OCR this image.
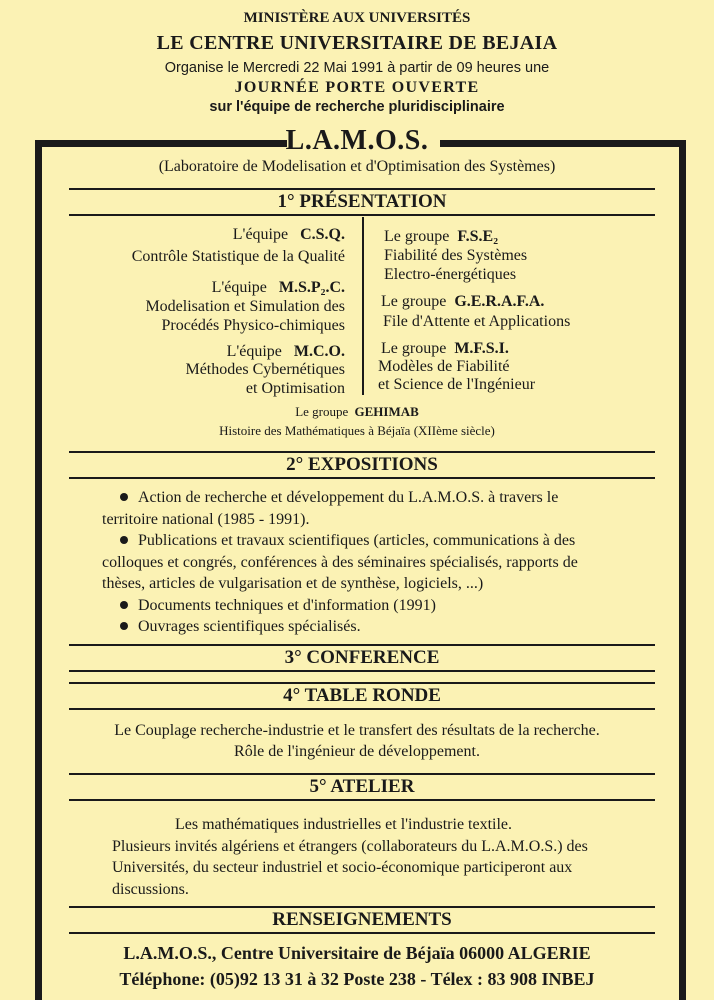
MINISTÈRE AUX UNIVERSITÉS
LE CENTRE UNIVERSITAIRE DE BEJAIA
Organise le Mercredi 22 Mai 1991 à partir de 09 heures une
JOURNÉE PORTE OUVERTE
sur l'équipe de recherche pluridisciplinaire
L.A.M.O.S.
(Laboratoire de Modelisation et d'Optimisation des Systèmes)
1° PRÉSENTATION
L'équipe C.S.Q.
Contrôle Statistique de la Qualité
L'équipe M.S.P₂.C.
Modelisation et Simulation des
Procédés Physico-chimiques
L'équipe M.C.O.
Méthodes Cybernétiques
et Optimisation
Le groupe F.S.E₂
Fiabilité des Systèmes
Electro-énergétiques
Le groupe G.E.R.A.F.A.
File d'Attente et Applications
Le groupe M.F.S.I.
Modèles de Fiabilité
et Science de l'Ingénieur
Le groupe GEHIMAB
Histoire des Mathématiques à Béjaïa (XIIème siècle)
2° EXPOSITIONS
Action de recherche et développement du L.A.M.O.S. à travers le
territoire national (1985 - 1991).
Publications et travaux scientifiques (articles, communications à des
colloques et congrés, conférences à des séminaires spécialisés, rapports de
thèses, articles de vulgarisation et de synthèse, logiciels, ...)
Documents techniques et d'information (1991)
Ouvrages scientifiques spécialisés.
3° CONFERENCE
4° TABLE RONDE
Le Couplage recherche-industrie et le transfert des résultats de la recherche.
Rôle de l'ingénieur de développement.
5° ATELIER
Les mathématiques industrielles et l'industrie textile.
Plusieurs invités algériens et étrangers (collaborateurs du L.A.M.O.S.) des
Universités, du secteur industriel et socio-économique participeront aux
discussions.
RENSEIGNEMENTS
L.A.M.O.S., Centre Universitaire de Béjaïa 06000 ALGERIE
Téléphone: (05)92 13 31 à 32 Poste 238 - Télex : 83 908 INBEJ
